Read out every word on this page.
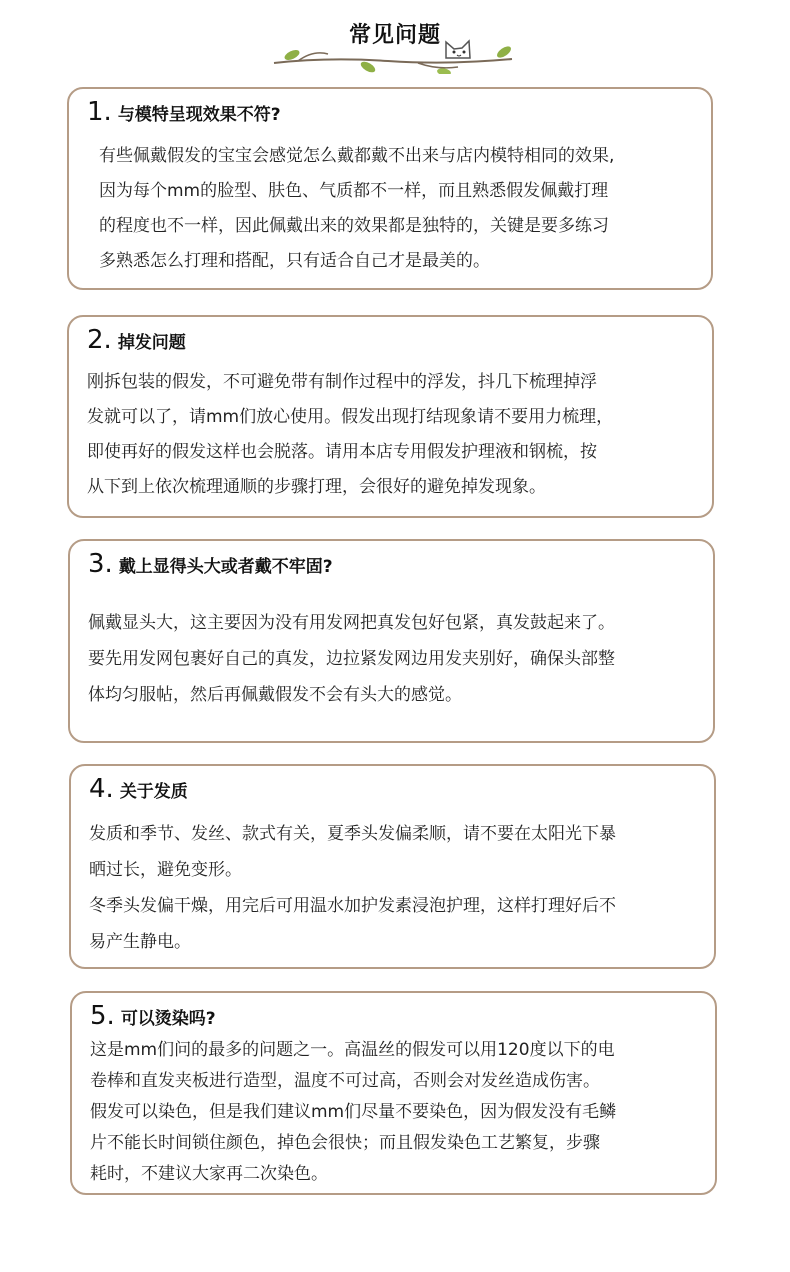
常见问题
1. 与模特呈现效果不符?
有些佩戴假发的宝宝会感觉怎么戴都戴不出来与店内模特相同的效果,
因为每个mm的脸型、肤色、气质都不一样，而且熟悉假发佩戴打理
的程度也不一样，因此佩戴出来的效果都是独特的，关键是要多练习
多熟悉怎么打理和搭配，只有适合自己才是最美的。
2. 掉发问题
刚拆包装的假发，不可避免带有制作过程中的浮发，抖几下梳理掉浮
发就可以了，请mm们放心使用。假发出现打结现象请不要用力梳理，
即使再好的假发这样也会脱落。请用本店专用假发护理液和钢梳，按
从下到上依次梳理通顺的步骤打理，会很好的避免掉发现象。
3. 戴上显得头大或者戴不牢固?
佩戴显头大，这主要因为没有用发网把真发包好包紧，真发鼓起来了。
要先用发网包裹好自己的真发，边拉紧发网边用发夹别好，确保头部整
体均匀服帖，然后再佩戴假发不会有头大的感觉。
4. 关于发质
发质和季节、发丝、款式有关，夏季头发偏柔顺，请不要在太阳光下暴
晒过长，避免变形。
冬季头发偏干燥，用完后可用温水加护发素浸泡护理，这样打理好后不
易产生静电。
5. 可以烫染吗?
这是mm们问的最多的问题之一。高温丝的假发可以用120度以下的电
卷棒和直发夹板进行造型，温度不可过高，否则会对发丝造成伤害。
假发可以染色，但是我们建议mm们尽量不要染色，因为假发没有毛鳞
片不能长时间锁住颜色，掉色会很快；而且假发染色工艺繁复，步骤
耗时，不建议大家再二次染色。
